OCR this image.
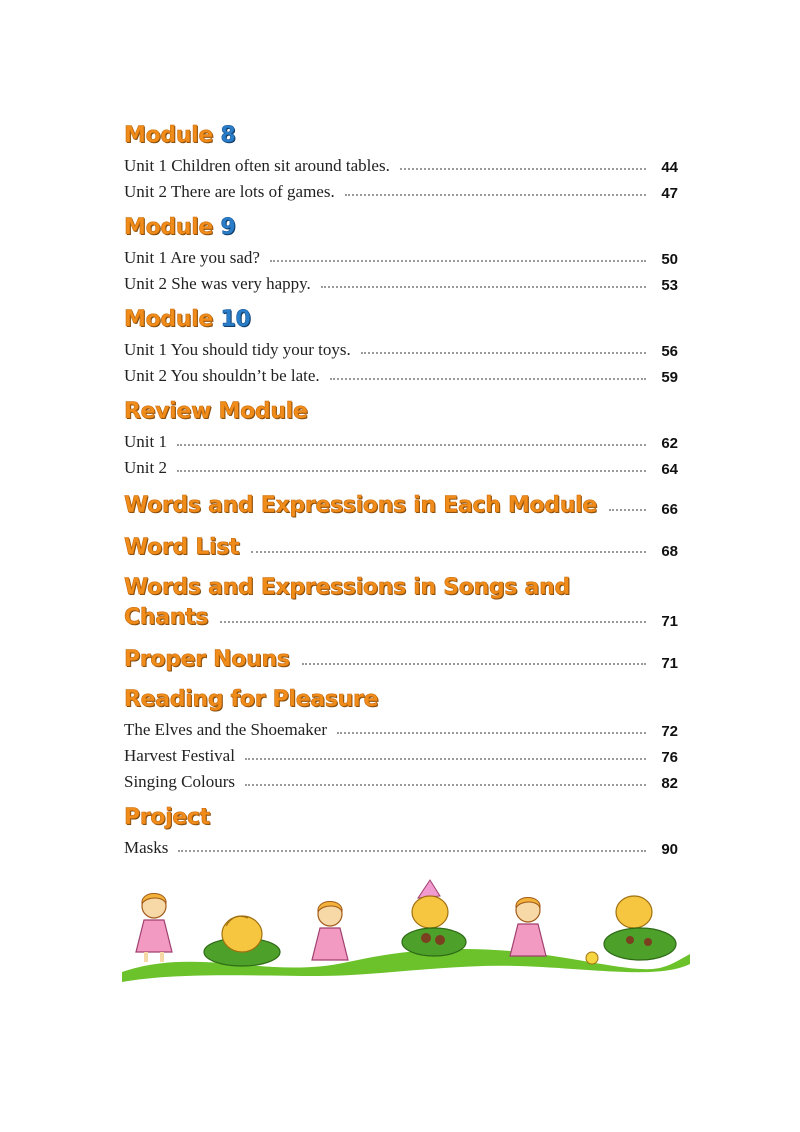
Module 8
Unit 1 Children often sit around tables.	44
Unit 2 There are lots of games.	47
Module 9
Unit 1 Are you sad?	50
Unit 2 She was very happy.	53
Module 10
Unit 1 You should tidy your toys.	56
Unit 2 You shouldn’t be late.	59
Review Module
Unit 1	62
Unit 2	64
Words and Expressions in Each Module	66
Word List	68
Words and Expressions in Songs and
Chants	71
Proper Nouns	71
Reading for Pleasure
The Elves and the Shoemaker	72
Harvest Festival	76
Singing Colours	82
Project
Masks	90
